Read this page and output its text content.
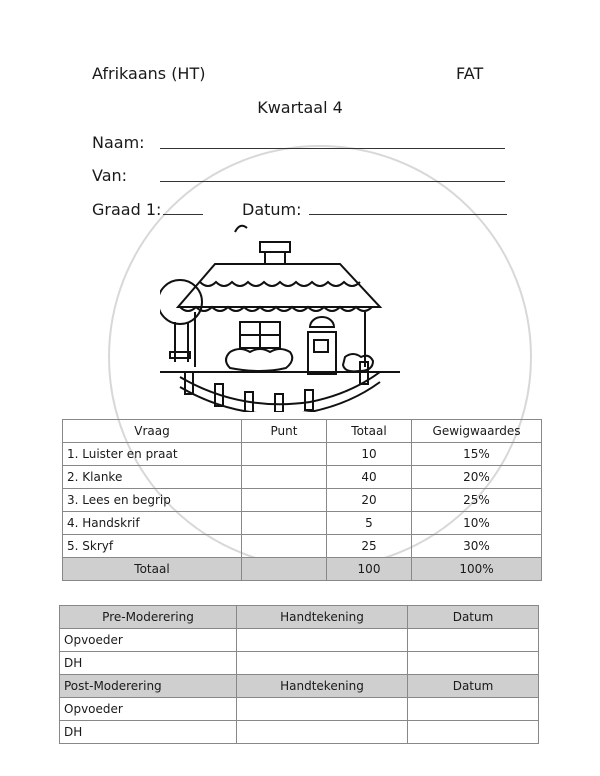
Afrikaans (HT)	FAT
Kwartaal 4
Naam:
Van:
Graad 1:	Datum:
Vraag	Punt	Totaal	Gewigwaardes
1. Luister en praat		10	15%
2. Klanke		40	20%
3. Lees en begrip		20	25%
4. Handskrif		5	10%
5. Skryf		25	30%
Totaal		100	100%
Pre-Moderering	Handtekening	Datum
Opvoeder		
DH		
Post-Moderering	Handtekening	Datum
Opvoeder		
DH		
